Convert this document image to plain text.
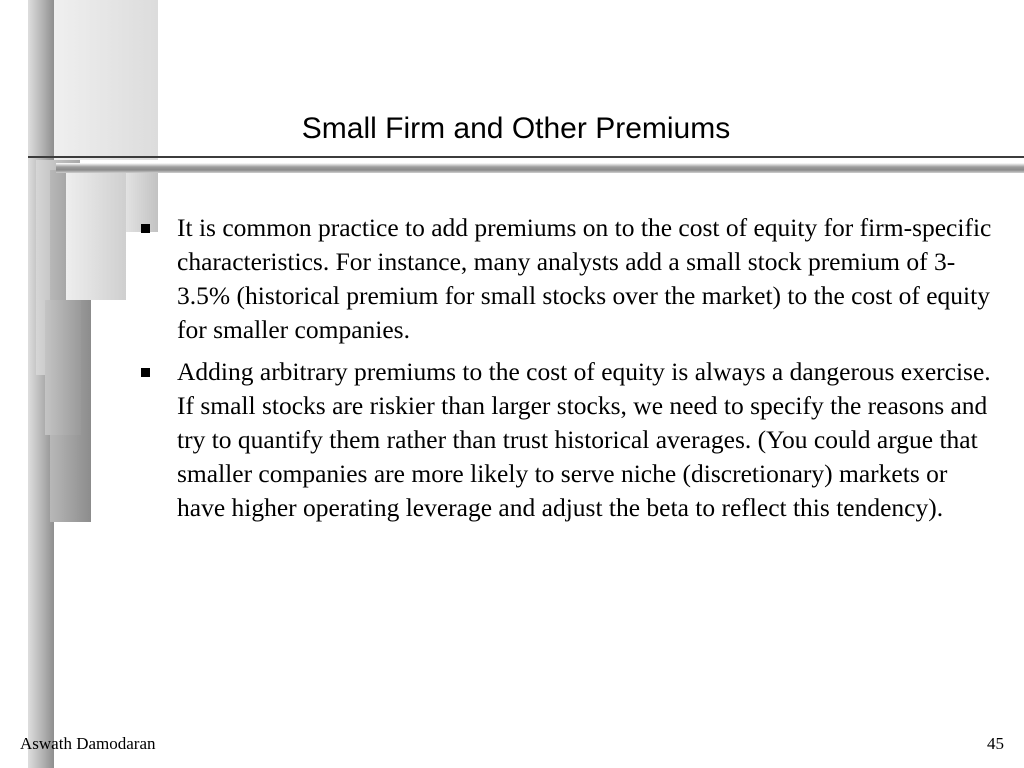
Small Firm and Other Premiums
It is common practice to add premiums on to the cost of equity for firm-specific characteristics. For instance, many analysts add a small stock premium of 3-3.5% (historical premium for small stocks over the market) to the cost of equity for smaller companies.
Adding arbitrary premiums to the cost of equity is always a dangerous exercise. If small stocks are riskier than larger stocks, we need to specify the reasons and try to quantify them rather than trust historical averages. (You could argue that smaller companies are more likely to serve niche (discretionary) markets or have higher operating leverage and adjust the beta to reflect this tendency).
Aswath Damodaran	45
